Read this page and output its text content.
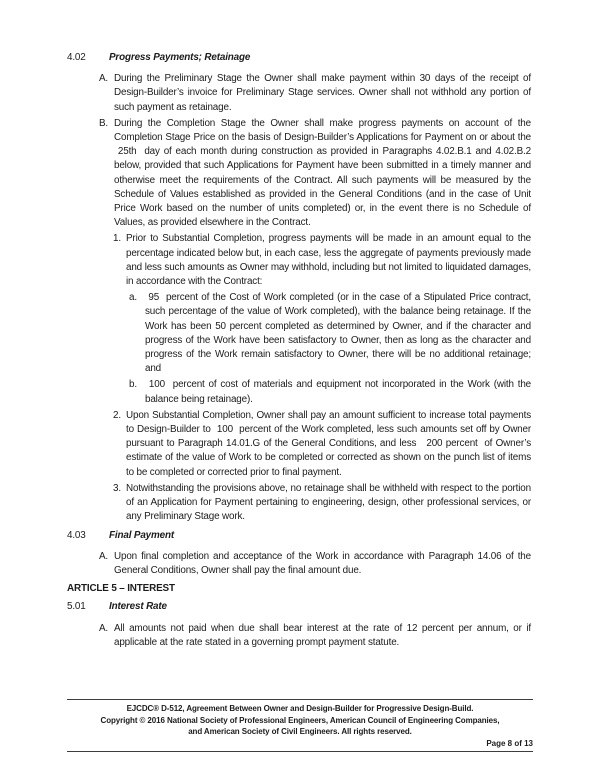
4.02	Progress Payments; Retainage
A. During the Preliminary Stage the Owner shall make payment within 30 days of the receipt of Design-Builder’s invoice for Preliminary Stage services. Owner shall not withhold any portion of such payment as retainage.
B. During the Completion Stage the Owner shall make progress payments on account of the Completion Stage Price on the basis of Design-Builder’s Applications for Payment on or about the  25th  day of each month during construction as provided in Paragraphs 4.02.B.1 and 4.02.B.2 below, provided that such Applications for Payment have been submitted in a timely manner and otherwise meet the requirements of the Contract. All such payments will be measured by the Schedule of Values established as provided in the General Conditions (and in the case of Unit Price Work based on the number of units completed) or, in the event there is no Schedule of Values, as provided elsewhere in the Contract.
1. Prior to Substantial Completion, progress payments will be made in an amount equal to the percentage indicated below but, in each case, less the aggregate of payments previously made and less such amounts as Owner may withhold, including but not limited to liquidated damages, in accordance with the Contract:
a. 95  percent of the Cost of Work completed (or in the case of a Stipulated Price contract, such percentage of the value of Work completed), with the balance being retainage. If the Work has been 50 percent completed as determined by Owner, and if the character and progress of the Work have been satisfactory to Owner, then as long as the character and progress of the Work remain satisfactory to Owner, there will be no additional retainage; and
b. 100  percent of cost of materials and equipment not incorporated in the Work (with the balance being retainage).
2. Upon Substantial Completion, Owner shall pay an amount sufficient to increase total payments to Design-Builder to  100  percent of the Work completed, less such amounts set off by Owner pursuant to Paragraph 14.01.G of the General Conditions, and less   200 percent  of Owner’s estimate of the value of Work to be completed or corrected as shown on the punch list of items to be completed or corrected prior to final payment.
3. Notwithstanding the provisions above, no retainage shall be withheld with respect to the portion of an Application for Payment pertaining to engineering, design, other professional services, or any Preliminary Stage work.
4.03	Final Payment
A. Upon final completion and acceptance of the Work in accordance with Paragraph 14.06 of the General Conditions, Owner shall pay the final amount due.
ARTICLE 5 – INTEREST
5.01	Interest Rate
A. All amounts not paid when due shall bear interest at the rate of 12 percent per annum, or if applicable at the rate stated in a governing prompt payment statute.
EJCDC® D-512, Agreement Between Owner and Design-Builder for Progressive Design-Build.
Copyright © 2016 National Society of Professional Engineers, American Council of Engineering Companies,
and American Society of Civil Engineers. All rights reserved.
Page 8 of 13
